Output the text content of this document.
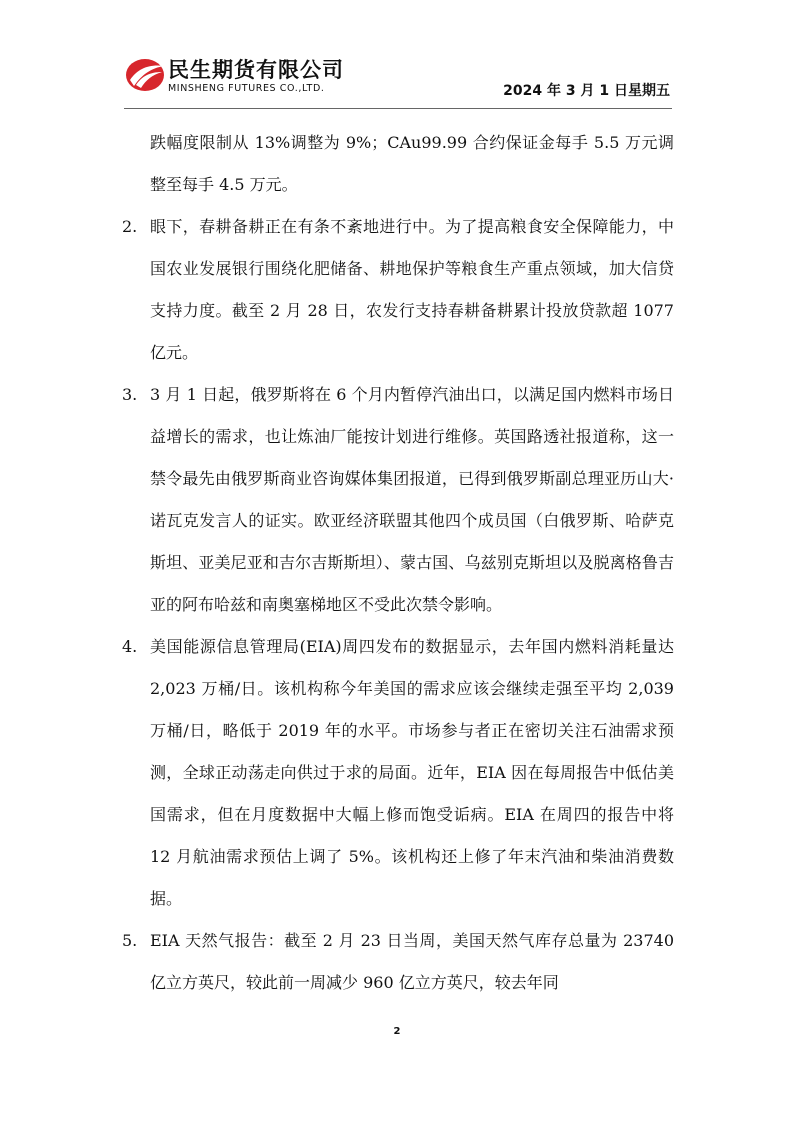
民生期货有限公司
MINSHENG FUTURES CO.,LTD.	2024 年 3 月 1 日星期五

跌幅度限制从 13%调整为 9%；CAu99.99 合约保证金每手 5.5 万元调整至每手 4.5 万元。

2. 眼下，春耕备耕正在有条不紊地进行中。为了提高粮食安全保障能力，中国农业发展银行围绕化肥储备、耕地保护等粮食生产重点领域，加大信贷支持力度。截至 2 月 28 日，农发行支持春耕备耕累计投放贷款超 1077 亿元。
3. 3 月 1 日起，俄罗斯将在 6 个月内暂停汽油出口，以满足国内燃料市场日益增长的需求，也让炼油厂能按计划进行维修。英国路透社报道称，这一禁令最先由俄罗斯商业咨询媒体集团报道，已得到俄罗斯副总理亚历山大·诺瓦克发言人的证实。欧亚经济联盟其他四个成员国（白俄罗斯、哈萨克斯坦、亚美尼亚和吉尔吉斯斯坦）、蒙古国、乌兹别克斯坦以及脱离格鲁吉亚的阿布哈兹和南奥塞梯地区不受此次禁令影响。
4. 美国能源信息管理局(EIA)周四发布的数据显示，去年国内燃料消耗量达 2,023 万桶/日。该机构称今年美国的需求应该会继续走强至平均 2,039 万桶/日，略低于 2019 年的水平。市场参与者正在密切关注石油需求预测，全球正动荡走向供过于求的局面。近年，EIA 因在每周报告中低估美国需求，但在月度数据中大幅上修而饱受诟病。EIA 在周四的报告中将 12 月航油需求预估上调了 5%。该机构还上修了年末汽油和柴油消费数据。
5. EIA 天然气报告：截至 2 月 23 日当周，美国天然气库存总量为 23740 亿立方英尺，较此前一周减少 960 亿立方英尺，较去年同
2
